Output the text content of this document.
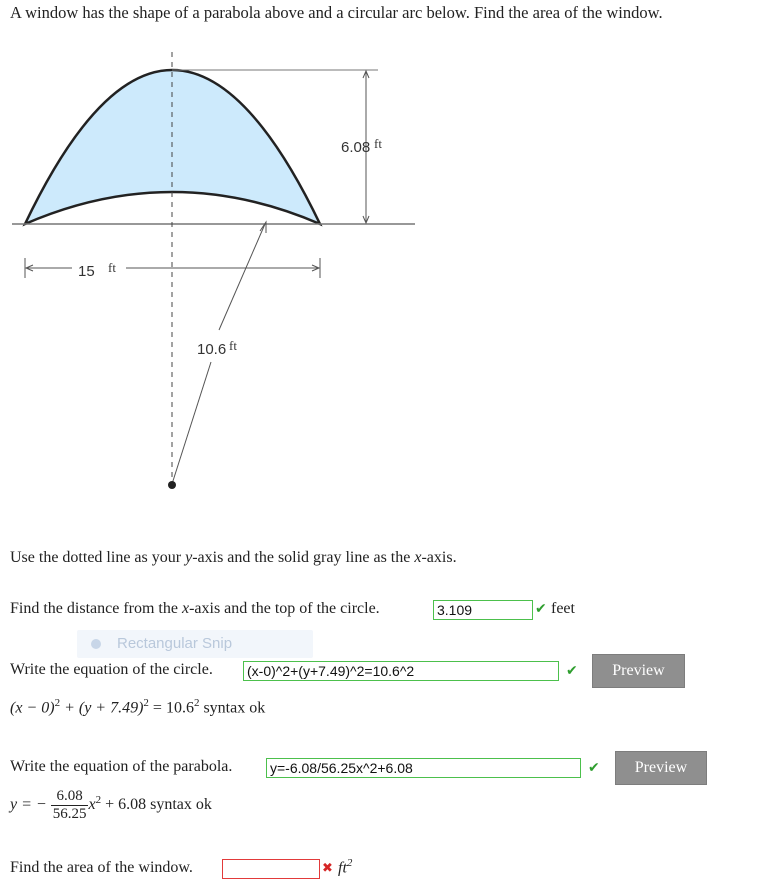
A window has the shape of a parabola above and a circular arc below. Find the area of the window.
6.08 ft
15 ft
10.6 ft
Use the dotted line as your y-axis and the solid gray line as the x-axis.
Find the distance from the x-axis and the top of the circle.	3.109	✔ feet
Rectangular Snip
Write the equation of the circle. (x-0)^2+(y+7.49)^2=10.6^2	✔	Preview
$(x - 0)^2 + (y + 7.49)^2 = 10.6^2$ syntax ok
Write the equation of the parabola.	y=-6.08/56.25x^2+6.08	✔	Preview
y = − $\frac{6.08}{56.25} x^2 + 6.08$ syntax ok
Find the area of the window.	✖ $ft^2$
